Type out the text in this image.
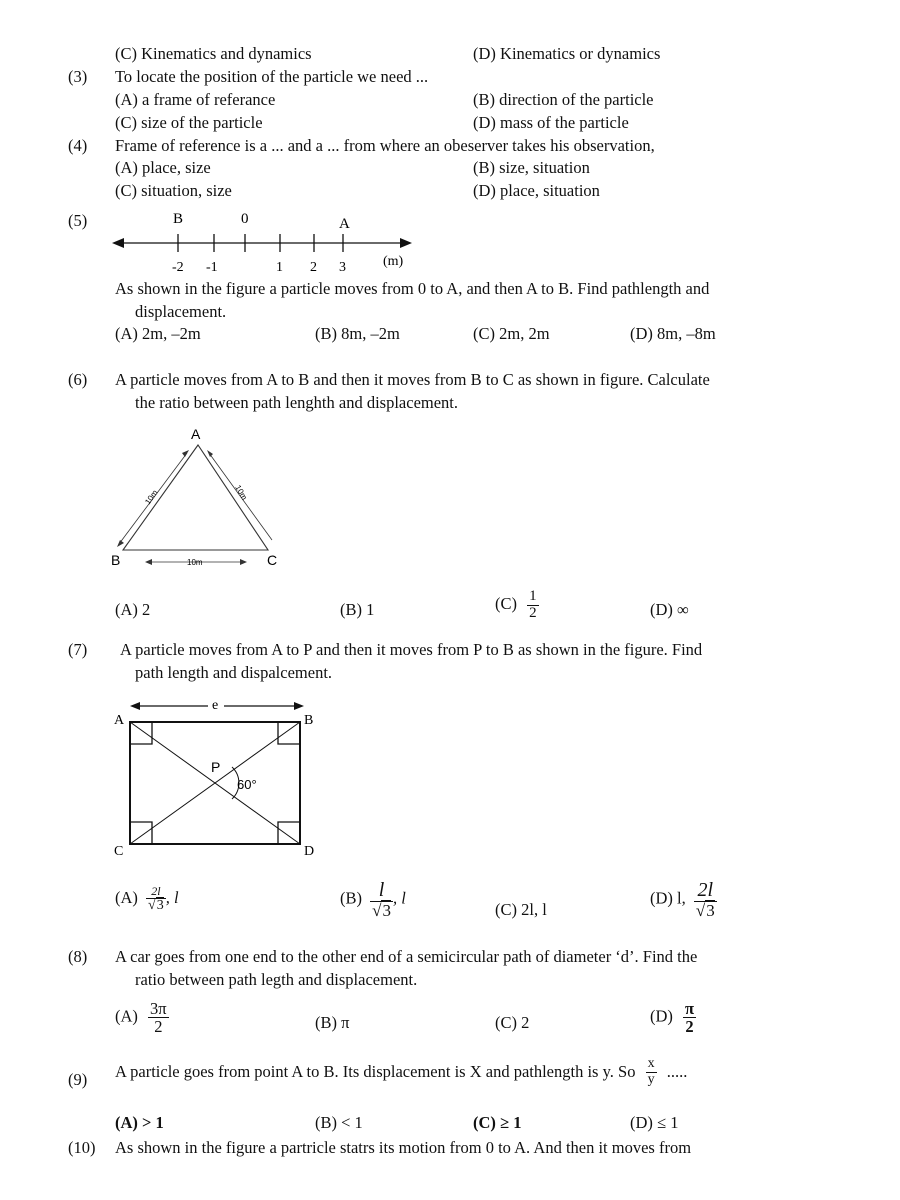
(C) Kinematics and dynamics	(D) Kinematics or dynamics
(3) To locate the position of the particle we need ...
(A) a frame of referance	(B) direction of the particle
(C) size of the particle	(D) mass of the particle
(4) Frame of reference is a ... and a ... from where an obeserver takes his observation,
(A) place, size	(B) size, situation
(C) situation, size	(D) place, situation
(5)	B	0	A
-2 -1	1 2 3	(m)
As shown in the figure a particle moves from 0 to A, and then A to B. Find pathlength and
displacement.
(A) 2m, –2m	(B) 8m, –2m	(C) 2m, 2m	(D) 8m, –8m
(6) A particle moves from A to B and then it moves from B to C as shown in figure. Calculate
the ratio between path lenghth and displacement.
A
B	C
10m	10m
10m
(A) 2	(B) 1	$(C) \frac{1}{2}$	(D) ∞
(7) A particle moves from A to P and then it moves from P to B as shown in the figure. Find
path length and dispalcement.
e
A	B
C	D
P
60°
$(A) \frac{2l}{√3}$ , l	$(B) \frac{l}{√3}$ , l
(C) 2l, l
(D) l, $\frac{2l}{√3}$
(8) A car goes from one end to the other end of a semicircular path of diameter ‘d’. Find the
ratio between path legth and displacement.
$(A) \frac{3\pi}{2}$	(B) π	(C) 2	$(D) \frac{\pi}{2}$
(9) A particle goes from point A to B. Its displacement is X and pathlength is y. So $\frac{x}{y}$ .....
(A) > 1	(B) < 1	(C) ≥ 1	(D) ≤ 1
(10) As shown in the figure a partricle statrs its motion from 0 to A. And then it moves from
